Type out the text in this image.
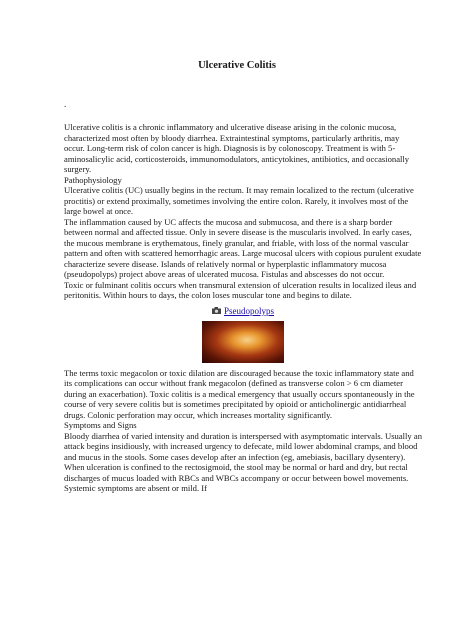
Ulcerative Colitis
.

Ulcerative colitis is a chronic inflammatory and ulcerative disease arising in the colonic mucosa, characterized most often by bloody diarrhea. Extraintestinal symptoms, particularly arthritis, may occur. Long-term risk of colon cancer is high. Diagnosis is by colonoscopy. Treatment is with 5-aminosalicylic acid, corticosteroids, immunomodulators, anticytokines, antibiotics, and occasionally surgery.

Pathophysiology

Ulcerative colitis (UC) usually begins in the rectum. It may remain localized to the rectum (ulcerative proctitis) or extend proximally, sometimes involving the entire colon. Rarely, it involves most of the large bowel at once.

The inflammation caused by UC affects the mucosa and submucosa, and there is a sharp border between normal and affected tissue. Only in severe disease is the muscularis involved. In early cases, the mucous membrane is erythematous, finely granular, and friable, with loss of the normal vascular pattern and often with scattered hemorrhagic areas. Large mucosal ulcers with copious purulent exudate characterize severe disease. Islands of relatively normal or hyperplastic inflammatory mucosa (pseudopolyps) project above areas of ulcerated mucosa. Fistulas and abscesses do not occur.

Toxic or fulminant colitis occurs when transmural extension of ulceration results in localized ileus and peritonitis. Within hours to days, the colon loses muscular tone and begins to dilate.

Pseudopolyps

The terms toxic megacolon or toxic dilation are discouraged because the toxic inflammatory state and its complications can occur without frank megacolon (defined as transverse colon > 6 cm diameter during an exacerbation). Toxic colitis is a medical emergency that usually occurs spontaneously in the course of very severe colitis but is sometimes precipitated by opioid or anticholinergic antidiarrheal drugs. Colonic perforation may occur, which increases mortality significantly.

Symptoms and Signs

Bloody diarrhea of varied intensity and duration is interspersed with asymptomatic intervals. Usually an attack begins insidiously, with increased urgency to defecate, mild lower abdominal cramps, and blood and mucus in the stools. Some cases develop after an infection (eg, amebiasis, bacillary dysentery).

When ulceration is confined to the rectosigmoid, the stool may be normal or hard and dry, but rectal discharges of mucus loaded with RBCs and WBCs accompany or occur between bowel movements. Systemic symptoms are absent or mild. If
